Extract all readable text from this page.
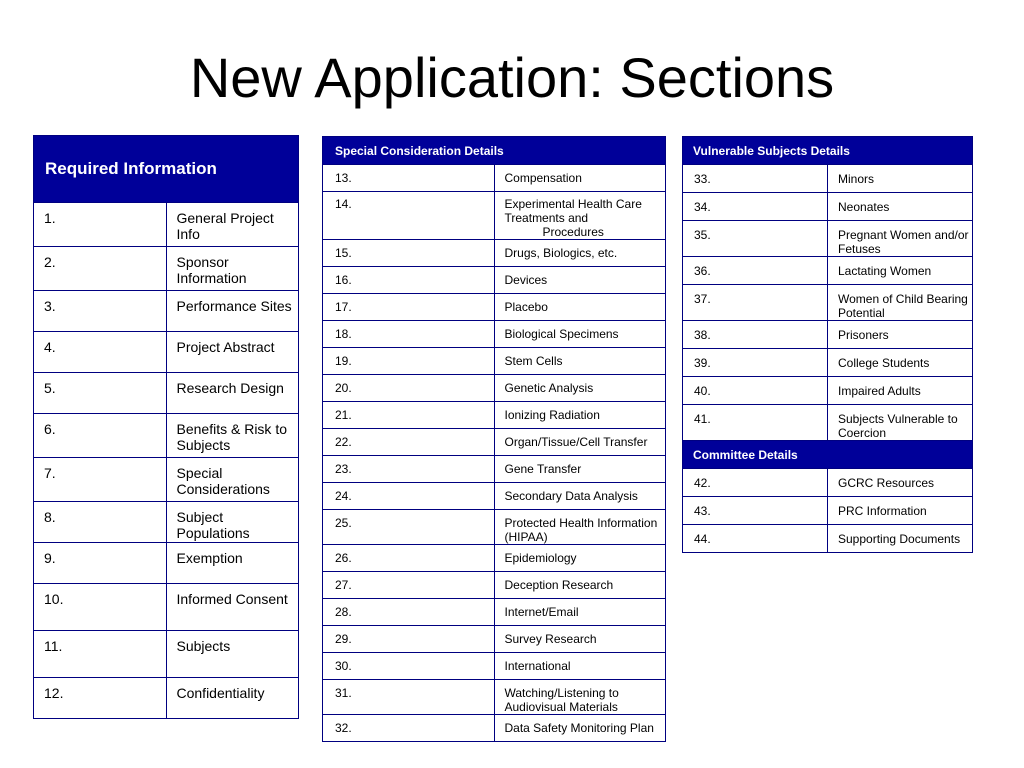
New Application: Sections
Required Information	
1.	General Project Info
2.	Sponsor Information
3.	Performance Sites
4.	Project Abstract
5.	Research Design
6.	Benefits & Risk to Subjects
7.	Special Considerations
8.	Subject Populations
9.	Exemption
10.	Informed Consent
11.	Subjects
12.	Confidentiality
Special Consideration Details	
13.	Compensation
14.	Experimental Health Care Treatments and
Procedures

15.	Drugs, Biologics, etc.
16.	Devices
17.	Placebo
18.	Biological Specimens
19.	Stem Cells
20.	Genetic Analysis
21.	Ionizing Radiation
22.	Organ/Tissue/Cell Transfer
23.	Gene Transfer
24.	Secondary Data Analysis
25.	Protected Health Information (HIPAA)
26.	Epidemiology
27.	Deception Research
28.	Internet/Email
29.	Survey Research
30.	International
31.	Watching/Listening to Audiovisual Materials
32.	Data Safety Monitoring Plan
Vulnerable Subjects Details	
33.	Minors
34.	Neonates
35.	Pregnant Women and/or Fetuses
36.	Lactating Women
37.	Women of Child Bearing Potential
38.	Prisoners
39.	College Students
40.	Impaired Adults
41.	Subjects Vulnerable to Coercion
Committee Details	
42.	GCRC Resources
43.	PRC Information
44.	Supporting Documents
